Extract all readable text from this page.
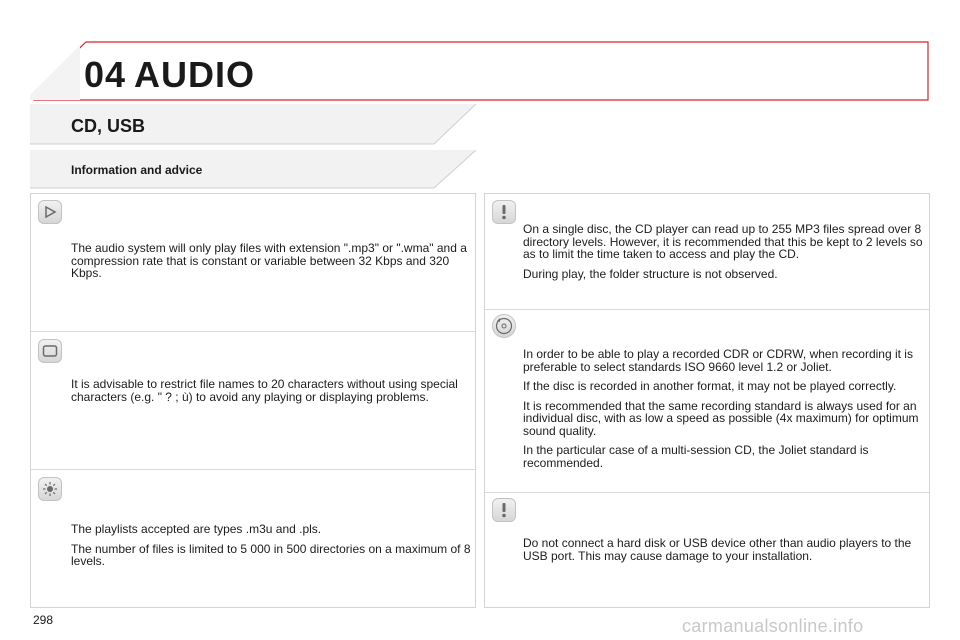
04 AUDIO
CD, USB
Information and advice

The audio system will only play files with extension ".mp3" or ".wma" and a compression rate that is constant or variable between 32 Kbps and 320 Kbps.

It is advisable to restrict file names to 20 characters without using special characters (e.g. " ? ; ù) to avoid any playing or displaying problems.

The playlists accepted are types .m3u and .pls.

The number of files is limited to 5 000 in 500 directories on a maximum of 8 levels.

On a single disc, the CD player can read up to 255 MP3 files spread over 8 directory levels. However, it is recommended that this be kept to 2 levels so as to limit the time taken to access and play the CD.

During play, the folder structure is not observed.

In order to be able to play a recorded CDR or CDRW, when recording it is preferable to select standards ISO 9660 level 1.2 or Joliet.

If the disc is recorded in another format, it may not be played correctly.

It is recommended that the same recording standard is always used for an individual disc, with as low a speed as possible (4x maximum) for optimum sound quality.

In the particular case of a multi-session CD, the Joliet standard is recommended.

Do not connect a hard disk or USB device other than audio players to the USB port. This may cause damage to your installation.

298	carmanualsonline.info
